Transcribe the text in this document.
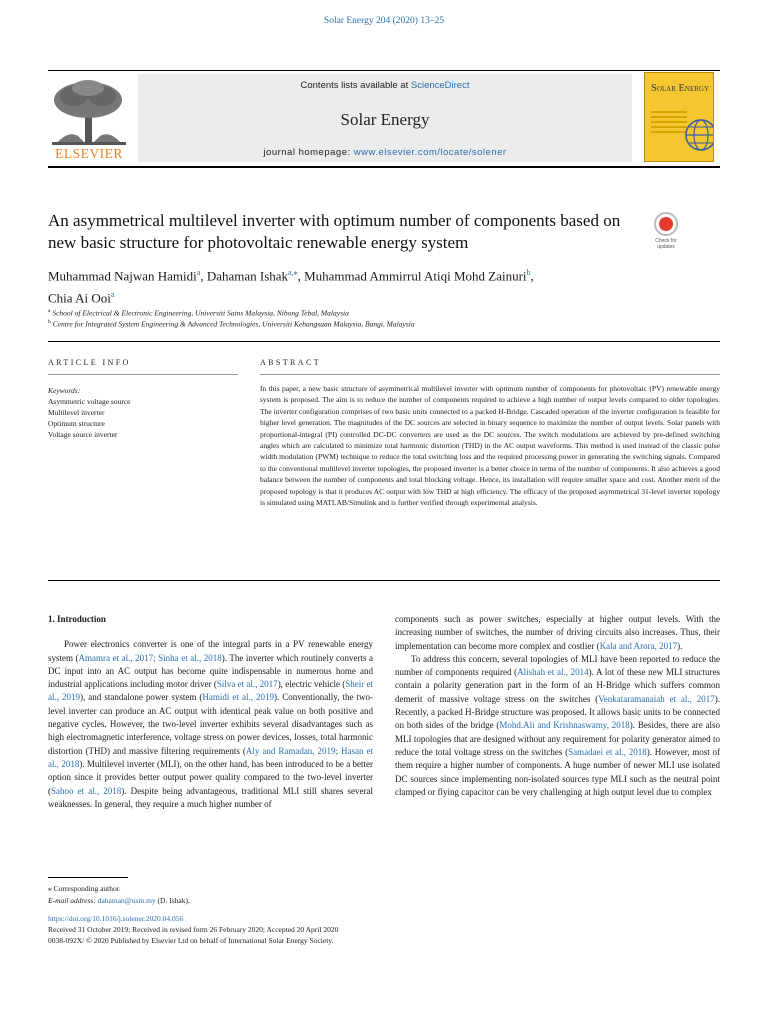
Solar Energy 204 (2020) 13–25
ELSEVIER
Contents lists available at ScienceDirect
Solar Energy
journal homepage: www.elsevier.com/locate/solener
Solar Energy
An asymmetrical multilevel inverter with optimum number of components based on new basic structure for photovoltaic renewable energy system	Check for updates
Muhammad Najwan Hamidi$^a$, Dahaman Ishak$^{a,⁎}$, Muhammad Ammirrul Atiqi Mohd Zainuri$^b$,
Chia Ai Ooi$^a$
$^a$ School of Electrical & Electronic Engineering, Universiti Sains Malaysia, Nibong Tebal, Malaysia
$^b$ Centre for Integrated System Engineering & Advanced Technologies, Universiti Kebangsaan Malaysia, Bangi, Malaysia
ARTICLE INFO	ABSTRACT
Keywords:
Asymmetric voltage source
Multilevel inverter
Optimum structure
Voltage source inverter
In this paper, a new basic structure of asymmetrical multilevel inverter with optimum number of components for photovoltaic (PV) renewable energy system is proposed. The aim is to reduce the number of components required to achieve a high number of output levels compared to older topologies. The inverter configuration comprises of two basic units connected to a packed H-Bridge. Cascaded operation of the inverter configuration is feasible for higher level generation. The magnitudes of the DC sources are selected in binary sequence to maximize the number of output levels. Solar panels with proportional-integral (PI) controlled DC-DC converters are used as the DC sources. The switch modulations are achieved by pre-defined switching angles which are calculated to minimize total harmonic distortion (THD) in the AC output waveforms. This method is used instead of the classic pulse width modulation (PWM) technique to reduce the total switching loss and the required processing power in generating the switching signals. Compared to the conventional multilevel inverter topologies, the proposed inverter is a better choice in terms of the number of components. It also achieves a good balance between the number of components and total blocking voltage. Hence, its installation will require smaller space and cost. Another merit of the proposed topology is that it produces AC output with low THD at high efficiency. The efficacy of the proposed asymmetrical 31-level inverter topology is simulated using MATLAB/Simulink and is further verified through experimental analysis.
1. Introduction

Power electronics converter is one of the integral parts in a PV renewable energy system (Amamra et al., 2017; Sinha et al., 2018). The inverter which routinely converts a DC input into an AC output has become quite indispensable in numerous home and industrial applications including motor driver (Silva et al., 2017), electric vehicle (Sheir et al., 2019), and standalone power system (Hamidi et al., 2019). Conventionally, the two-level inverter can produce an AC output with identical peak value on both positive and negative cycles. However, the two-level inverter exhibits several disadvantages such as high electromagnetic interference, voltage stress on power devices, losses, total harmonic distortion (THD) and massive filtering requirements (Aly and Ramadan, 2019; Hasan et al., 2018). Multilevel inverter (MLI), on the other hand, has been introduced to be a better option since it provides better output power quality compared to the two-level inverter (Sahoo et al., 2018). Despite being advantageous, traditional MLI still shares several weaknesses. In general, they require a much higher number of

components such as power switches, especially at higher output levels. With the increasing number of switches, the number of driving circuits also increases. Thus, their implementation can become more complex and costlier (Kala and Arora, 2017).

To address this concern, several topologies of MLI have been reported to reduce the number of components required (Alishah et al., 2014). A lot of these new MLI structures contain a polarity generation part in the form of an H-Bridge which suffers common demerit of massive voltage stress on the switches (Venkataramanaiah et al., 2017). Recently, a packed H-Bridge structure was proposed. It allows basic units to be connected on both sides of the bridge (Mohd.Ali and Krishnaswamy, 2018). Besides, there are also MLI topologies that are designed without any requirement for polarity generator aimed to reduce the total voltage stress on the switches (Samadaei et al., 2018). However, most of them require a higher number of components. A huge number of newer MLI use isolated DC sources since implementing non-isolated sources type MLI such as the neutral point clamped or flying capacitor can be very challenging at high output level due to complex

⁎ Corresponding author.
E-mail address: dahaman@usm.my (D. Ishak).
https://doi.org/10.1016/j.solener.2020.04.056
Received 31 October 2019; Received in revised form 26 February 2020; Accepted 20 April 2020
0038-092X/ © 2020 Published by Elsevier Ltd on behalf of International Solar Energy Society.
